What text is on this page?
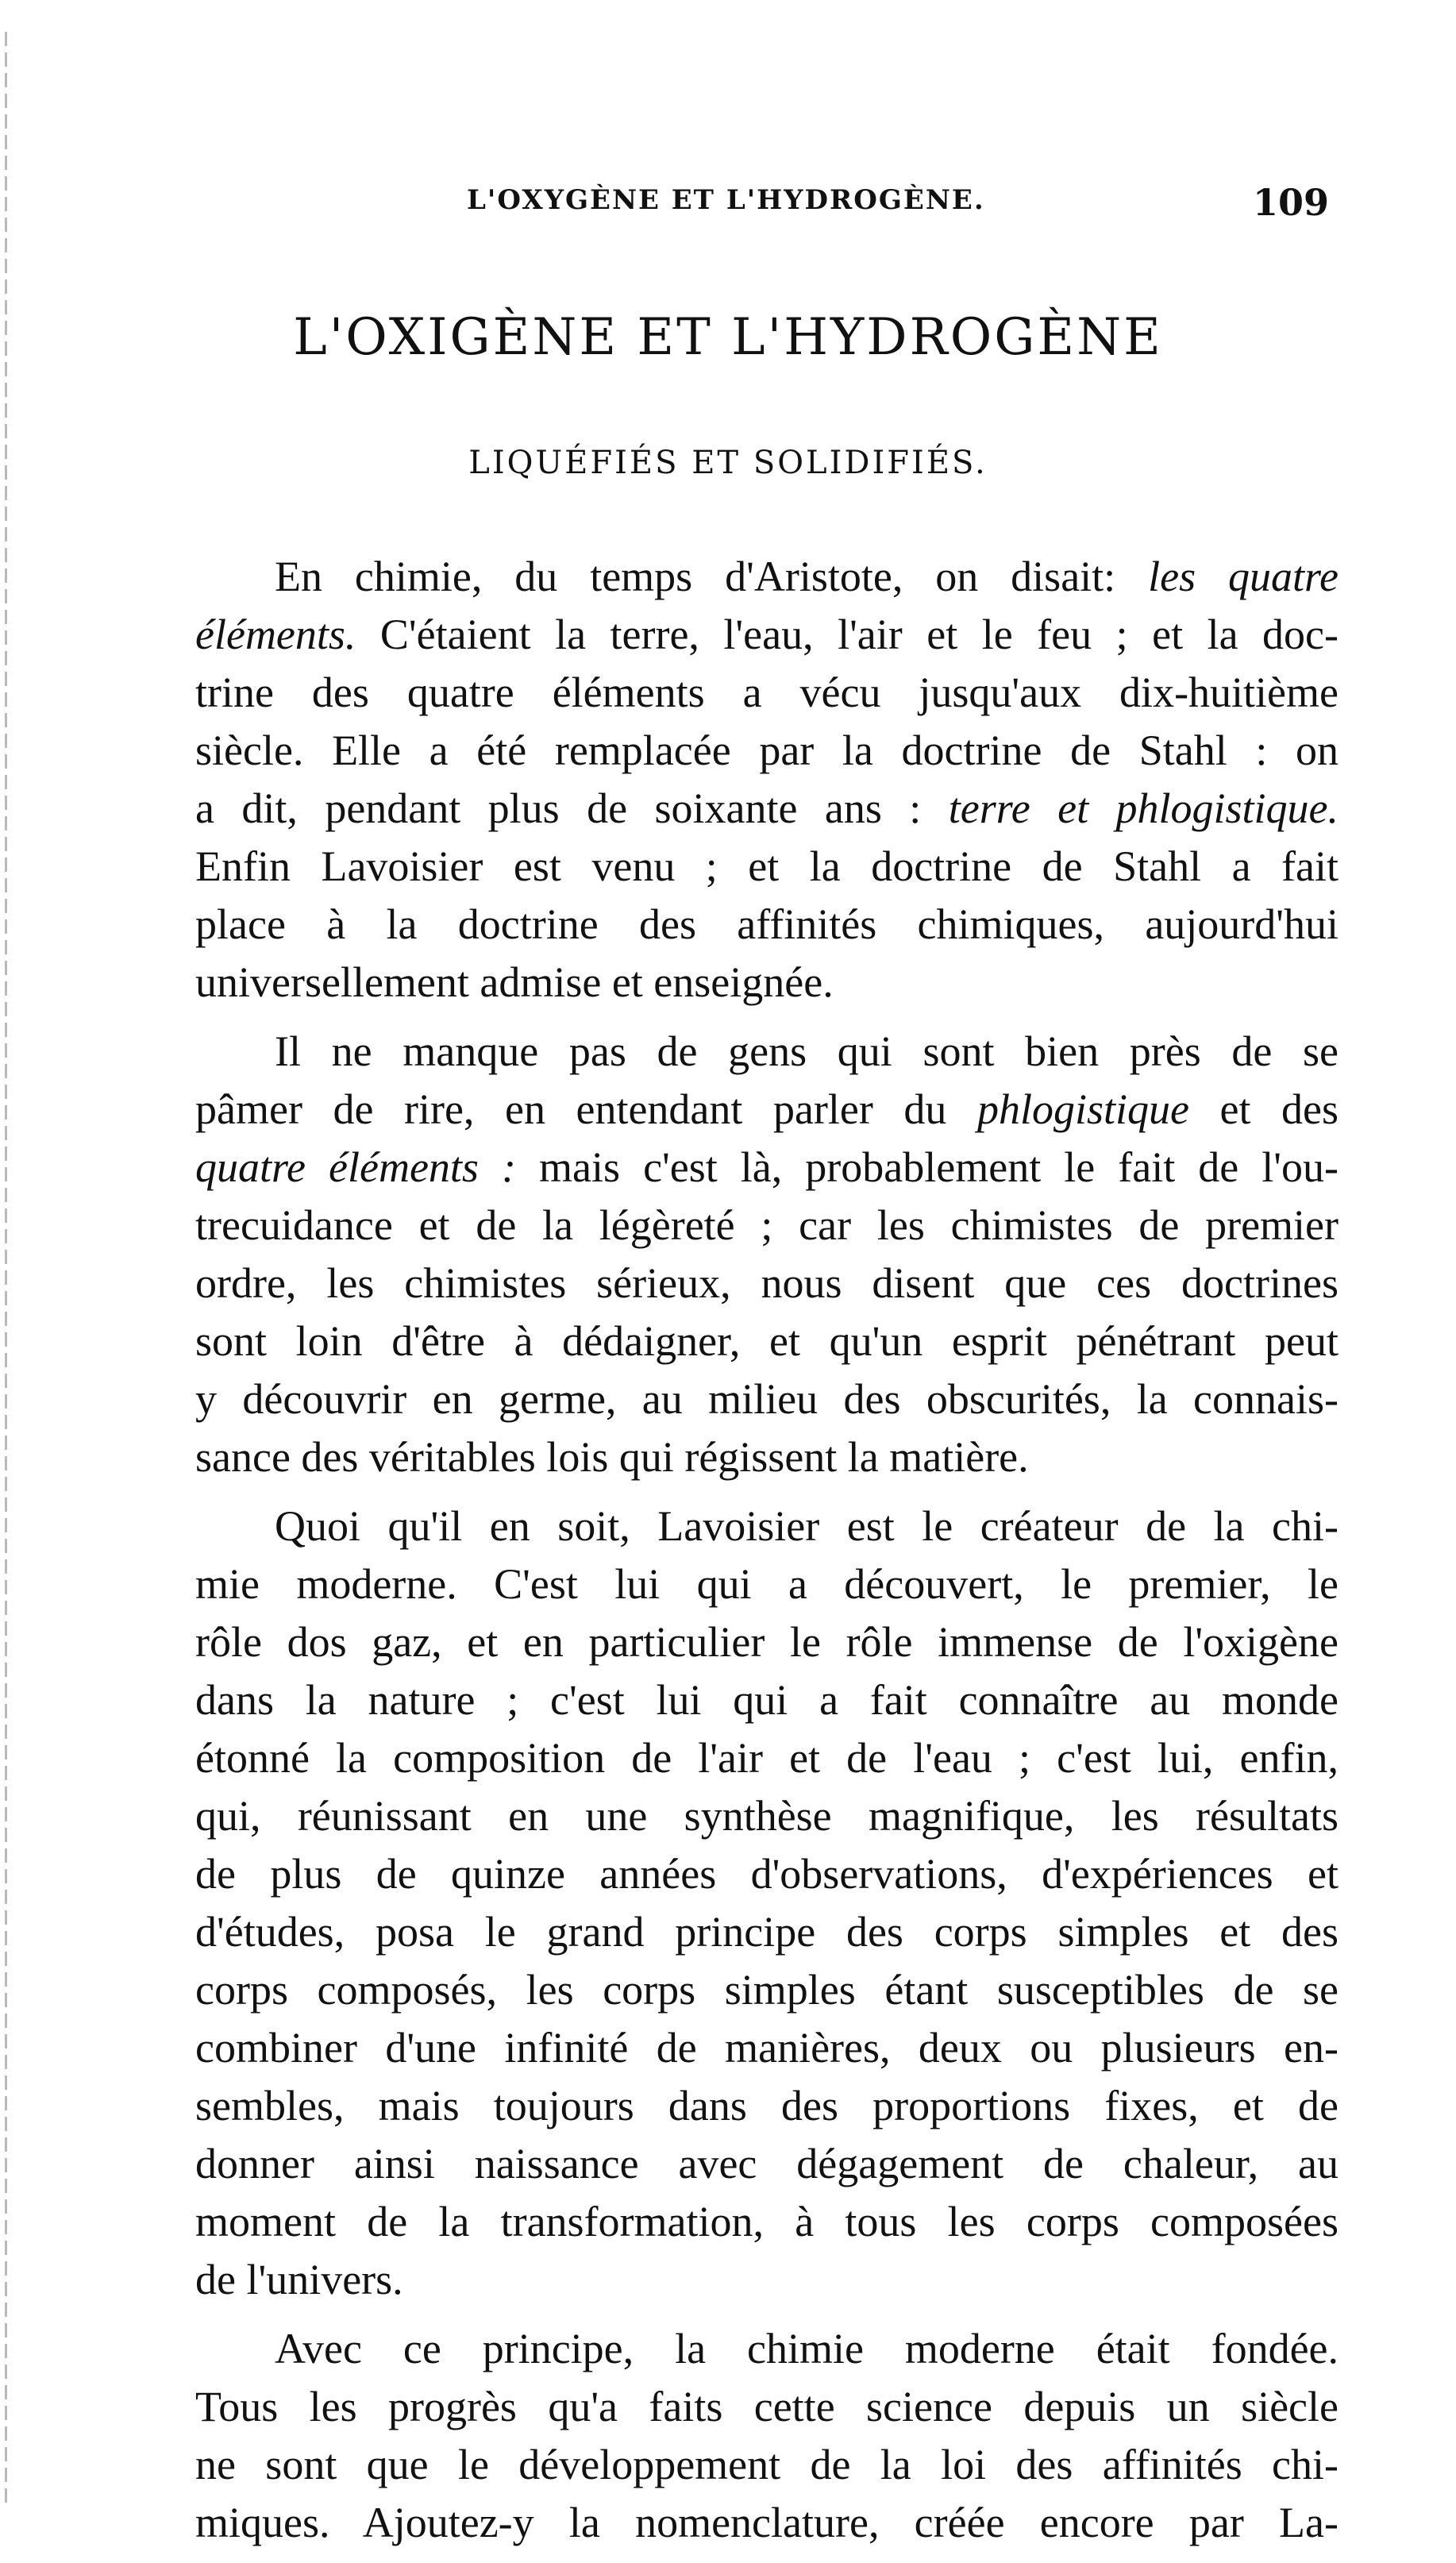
L'OXYGÈNE ET L'HYDROGÈNE.	109
L'OXIGÈNE ET L'HYDROGÈNE
LIQUÉFIÉS ET SOLIDIFIÉS.
En chimie, du temps d'Aristote, on disait: les quatre
éléments. C'étaient la terre, l'eau, l'air et le feu ; et la doc-
trine des quatre éléments a vécu jusqu'aux dix-huitième
siècle. Elle a été remplacée par la doctrine de Stahl : on
a dit, pendant plus de soixante ans : terre et phlogistique.
Enfin Lavoisier est venu ; et la doctrine de Stahl a fait
place à la doctrine des affinités chimiques, aujourd'hui
universellement admise et enseignée.
Il ne manque pas de gens qui sont bien près de se
pâmer de rire, en entendant parler du phlogistique et des
quatre éléments : mais c'est là, probablement le fait de l'ou-
trecuidance et de la légèreté ; car les chimistes de premier
ordre, les chimistes sérieux, nous disent que ces doctrines
sont loin d'être à dédaigner, et qu'un esprit pénétrant peut
y découvrir en germe, au milieu des obscurités, la connais-
sance des véritables lois qui régissent la matière.
Quoi qu'il en soit, Lavoisier est le créateur de la chi-
mie moderne. C'est lui qui a découvert, le premier, le
rôle dos gaz, et en particulier le rôle immense de l'oxigène
dans la nature ; c'est lui qui a fait connaître au monde
étonné la composition de l'air et de l'eau ; c'est lui, enfin,
qui, réunissant en une synthèse magnifique, les résultats
de plus de quinze années d'observations, d'expériences et
d'études, posa le grand principe des corps simples et des
corps composés, les corps simples étant susceptibles de se
combiner d'une infinité de manières, deux ou plusieurs en-
sembles, mais toujours dans des proportions fixes, et de
donner ainsi naissance avec dégagement de chaleur, au
moment de la transformation, à tous les corps composées
de l'univers.
Avec ce principe, la chimie moderne était fondée.
Tous les progrès qu'a faits cette science depuis un siècle
ne sont que le développement de la loi des affinités chi-
miques. Ajoutez-y la nomenclature, créée encore par La-
